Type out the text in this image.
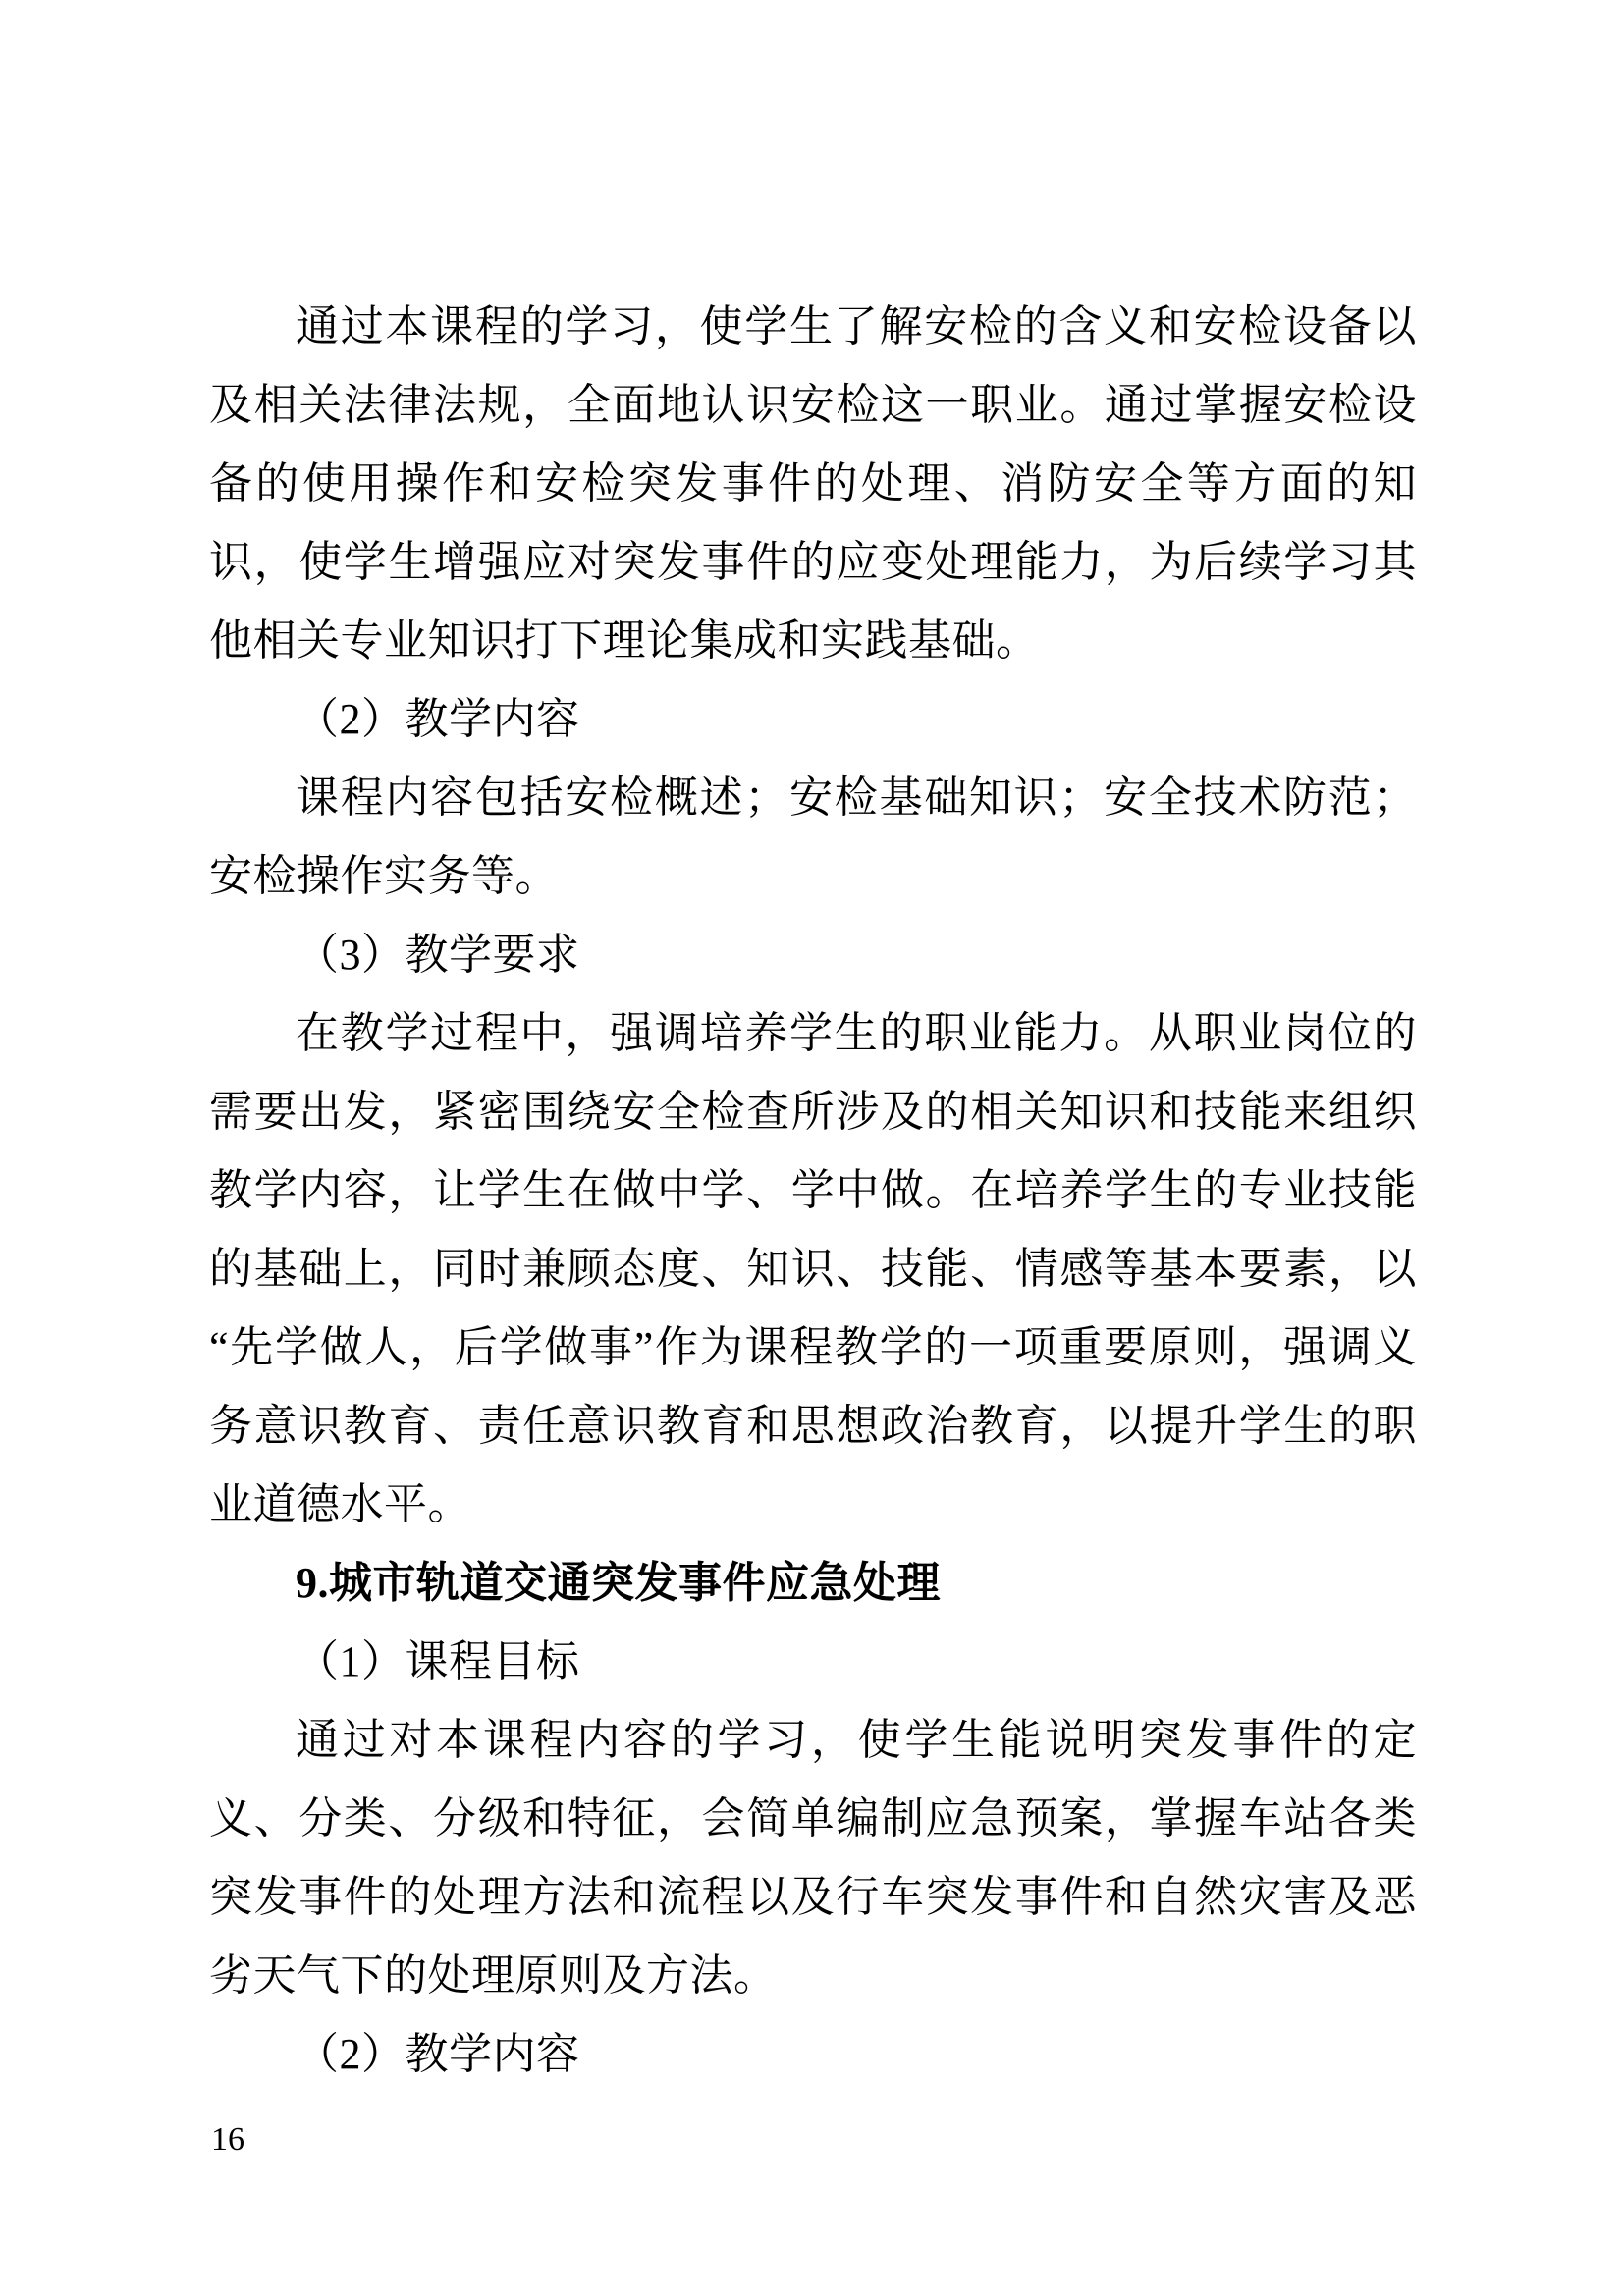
通过本课程的学习，使学生了解安检的含义和安检设备以及相关法律法规，全面地认识安检这一职业。通过掌握安检设备的使用操作和安检突发事件的处理、消防安全等方面的知识，使学生增强应对突发事件的应变处理能力，为后续学习其他相关专业知识打下理论集成和实践基础。

（2）教学内容

课程内容包括安检概述；安检基础知识；安全技术防范；安检操作实务等。

（3）教学要求

在教学过程中，强调培养学生的职业能力。从职业岗位的需要出发，紧密围绕安全检查所涉及的相关知识和技能来组织教学内容，让学生在做中学、学中做。在培养学生的专业技能的基础上，同时兼顾态度、知识、技能、情感等基本要素，以“先学做人，后学做事”作为课程教学的一项重要原则，强调义务意识教育、责任意识教育和思想政治教育，以提升学生的职业道德水平。

9.城市轨道交通突发事件应急处理

（1）课程目标

通过对本课程内容的学习，使学生能说明突发事件的定义、分类、分级和特征，会简单编制应急预案，掌握车站各类突发事件的处理方法和流程以及行车突发事件和自然灾害及恶劣天气下的处理原则及方法。

（2）教学内容

16
